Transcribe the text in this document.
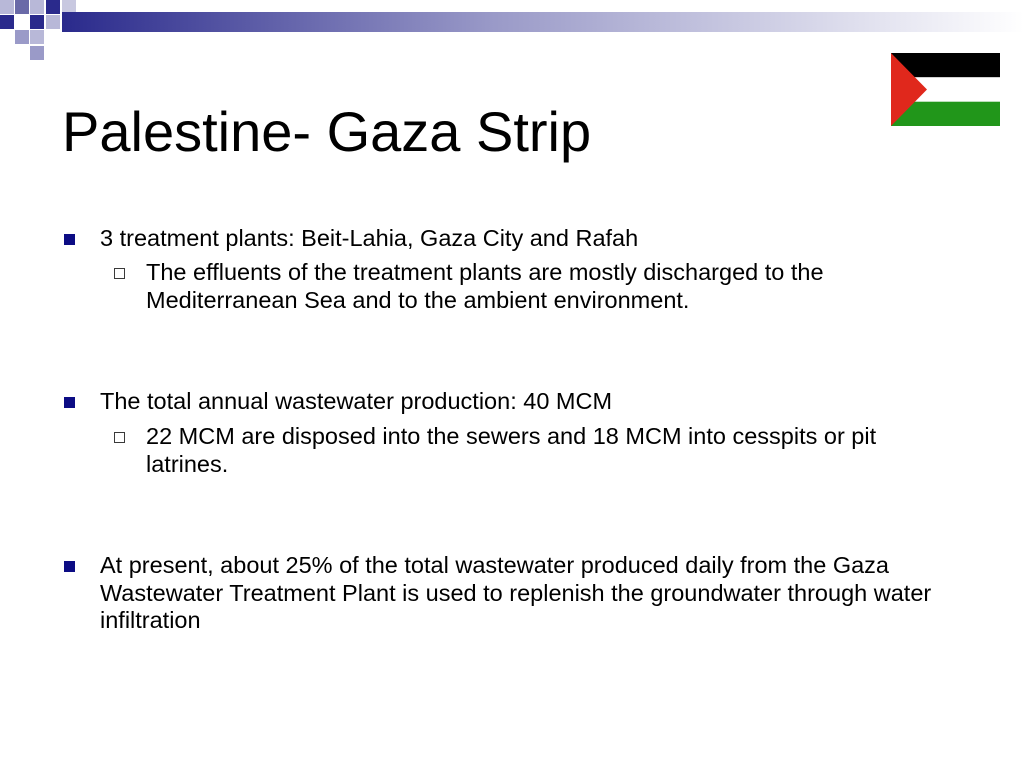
Palestine- Gaza Strip
3 treatment plants: Beit-Lahia, Gaza City and Rafah
The effluents of the treatment plants are mostly discharged to the Mediterranean Sea and to the ambient environment.
The total annual wastewater production: 40 MCM
22 MCM are disposed into the sewers and 18 MCM into cesspits or pit latrines.
At present, about 25% of the total wastewater produced daily from the Gaza Wastewater Treatment Plant is used to replenish the groundwater through water infiltration
